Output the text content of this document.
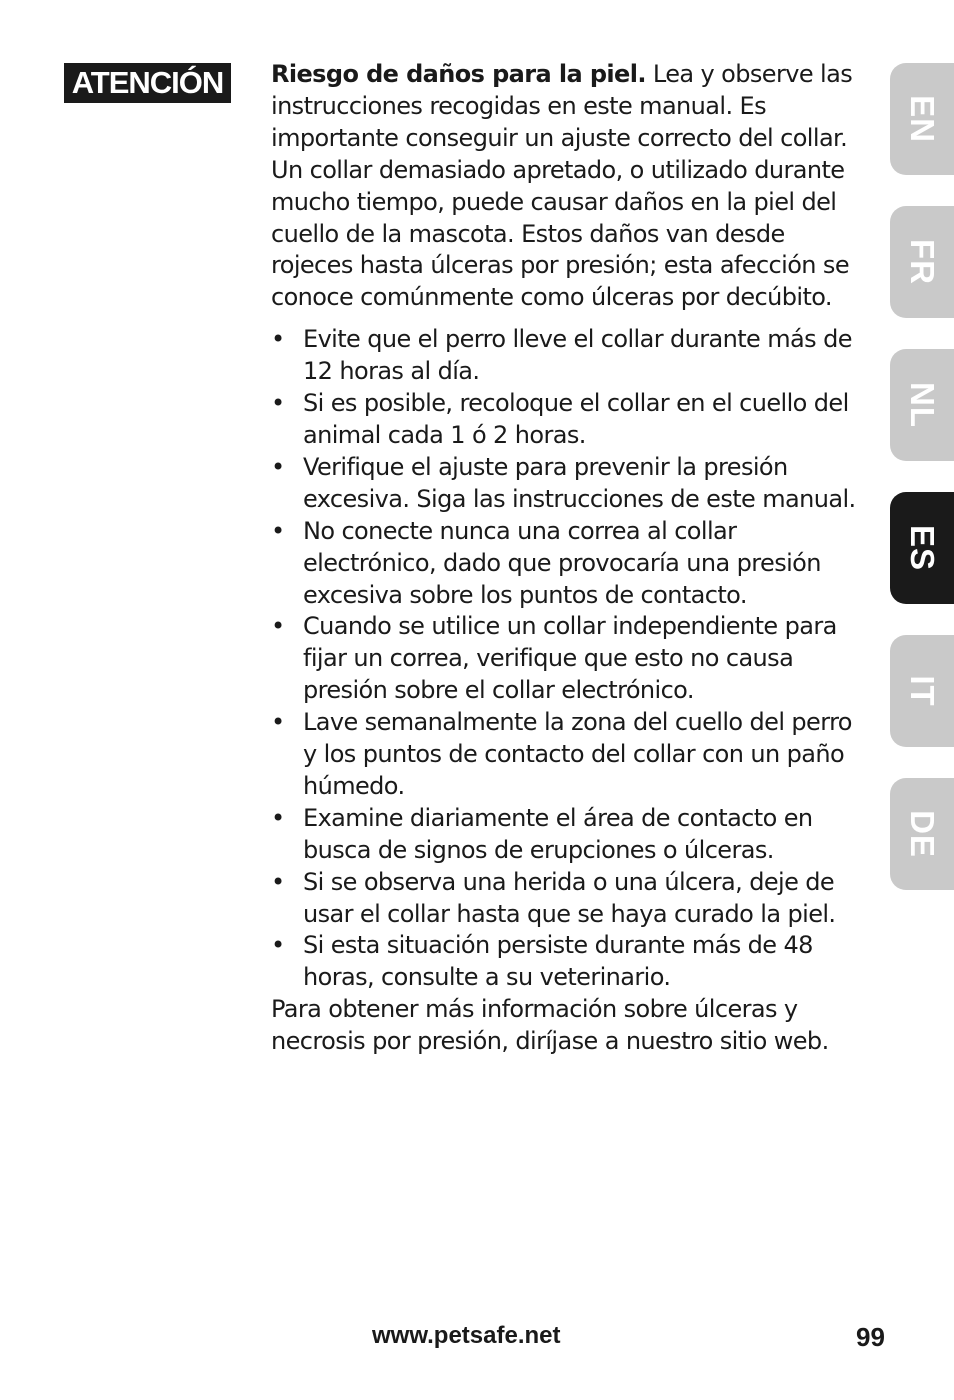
ATENCIÓN	Riesgo de daños para la piel. Lea y observe las instrucciones recogidas en este manual. Es importante conseguir un ajuste correcto del collar. Un collar demasiado apretado, o utilizado durante mucho tiempo, puede causar daños en la piel del cuello de la mascota. Estos daños van desde rojeces hasta úlceras por presión; esta afección se conoce comúnmente como úlceras por decúbito.

• Evite que el perro lleve el collar durante más de 12 horas al día.
• Si es posible, recoloque el collar en el cuello del animal cada 1 ó 2 horas.
• Verifique el ajuste para prevenir la presión excesiva. Siga las instrucciones de este manual.
• No conecte nunca una correa al collar electrónico, dado que provocaría una presión excesiva sobre los puntos de contacto.
• Cuando se utilice un collar independiente para fijar un correa, verifique que esto no causa presión sobre el collar electrónico.
• Lave semanalmente la zona del cuello del perro y los puntos de contacto del collar con un paño húmedo.
• Examine diariamente el área de contacto en busca de signos de erupciones o úlceras.
• Si se observa una herida o una úlcera, deje de usar el collar hasta que se haya curado la piel.
• Si esta situación persiste durante más de 48 horas, consulte a su veterinario.

Para obtener más información sobre úlceras y necrosis por presión, diríjase a nuestro sitio web.

EN
FR
NL
ES
IT
DE
www.petsafe.net	99
